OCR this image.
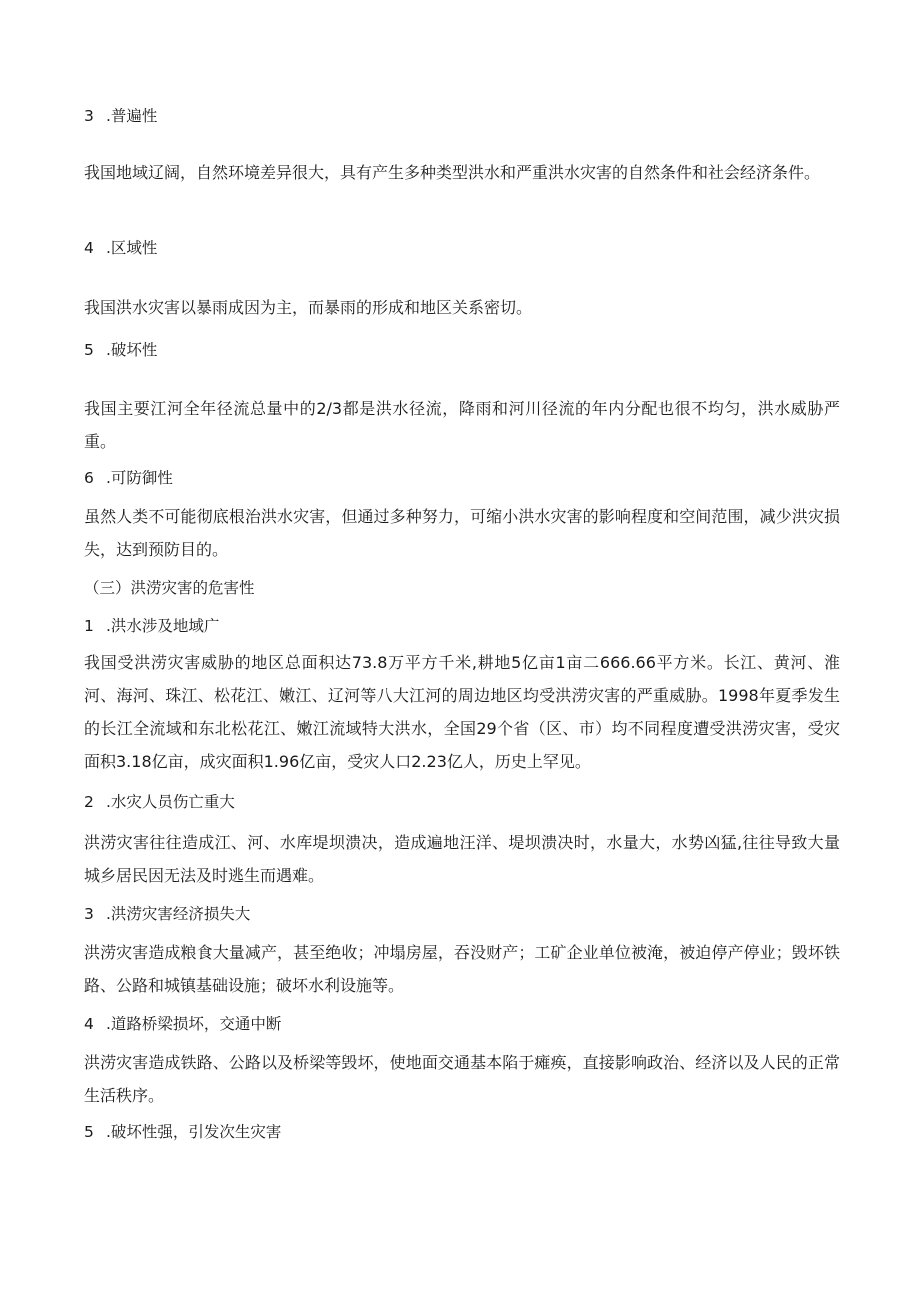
3 .普遍性
我国地域辽阔，自然环境差异很大，具有产生多种类型洪水和严重洪水灾害的自然条件和社会经济条件。
4 .区域性
我国洪水灾害以暴雨成因为主，而暴雨的形成和地区关系密切。
5 .破坏性
我国主要江河全年径流总量中的2/3都是洪水径流，降雨和河川径流的年内分配也很不均匀，洪水威胁严重。
6 .可防御性
虽然人类不可能彻底根治洪水灾害，但通过多种努力，可缩小洪水灾害的影响程度和空间范围，减少洪灾损失，达到预防目的。
（三）洪涝灾害的危害性
1 .洪水涉及地域广
我国受洪涝灾害威胁的地区总面积达73.8万平方千米,耕地5亿亩1亩二666.66平方米。长江、黄河、淮河、海河、珠江、松花江、嫩江、辽河等八大江河的周边地区均受洪涝灾害的严重威胁。1998年夏季发生的长江全流域和东北松花江、嫩江流域特大洪水，全国29个省（区、市）均不同程度遭受洪涝灾害，受灾面积3.18亿亩，成灾面积1.96亿亩，受灾人口2.23亿人，历史上罕见。
2 .水灾人员伤亡重大
洪涝灾害往往造成江、河、水库堤坝溃决，造成遍地汪洋、堤坝溃决时，水量大，水势凶猛,往往导致大量城乡居民因无法及时逃生而遇难。
3 .洪涝灾害经济损失大
洪涝灾害造成粮食大量减产，甚至绝收；冲塌房屋，吞没财产；工矿企业单位被淹，被迫停产停业；毁坏铁路、公路和城镇基础设施；破坏水利设施等。
4 .道路桥梁损坏，交通中断
洪涝灾害造成铁路、公路以及桥梁等毁坏，使地面交通基本陷于瘫痪，直接影响政治、经济以及人民的正常生活秩序。
5 .破坏性强，引发次生灾害
